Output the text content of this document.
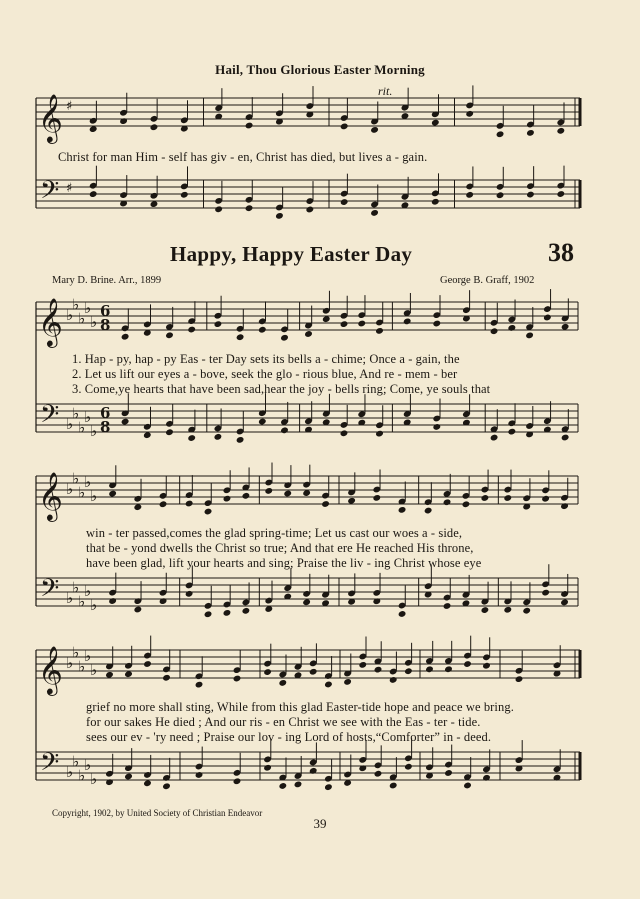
Hail, Thou Glorious Easter Morning
rit.
Christ for man Him - self has giv - en, Christ has died, but lives a - gain.
Happy, Happy Easter Day	38
Mary D. Brine. Arr., 1899	George B. Graff, 1902
1. Hap - py, hap - py Eas - ter Day sets its bells a - chime; Once a - gain, the
2. Let us lift our eyes a - bove, seek the glo - rious blue, And re - mem - ber
3. Come,ye hearts that have been sad,hear the joy - bells ring; Come, ye souls that
win - ter passed,comes the glad spring-time; Let us cast our woes a - side,
that be - yond dwells the Christ so true; And that ere He reached His throne,
have been glad, lift your hearts and sing; Praise the liv - ing Christ whose eye
grief no more shall sting, While from this glad Easter-tide hope and peace we bring.
for our sakes He died ; And our ris - en Christ we see with the Eas - ter - tide.
sees our ev - 'ry need ; Praise our lov - ing Lord of hosts,“Comforter” in - deed.
Copyright, 1902, by United Society of Christian Endeavor
39
𝄞
𝄢
♯
♯
𝄞
𝄢
♭
♭
♭
♭
♭
♭
♭
♭
♭
♭
6
8
6
8
𝄞
𝄢
♭
♭
♭
♭
♭
♭
♭
♭
♭
♭
𝄞
𝄢
♭
♭
♭
♭
♭
♭
♭
♭
♭
♭
